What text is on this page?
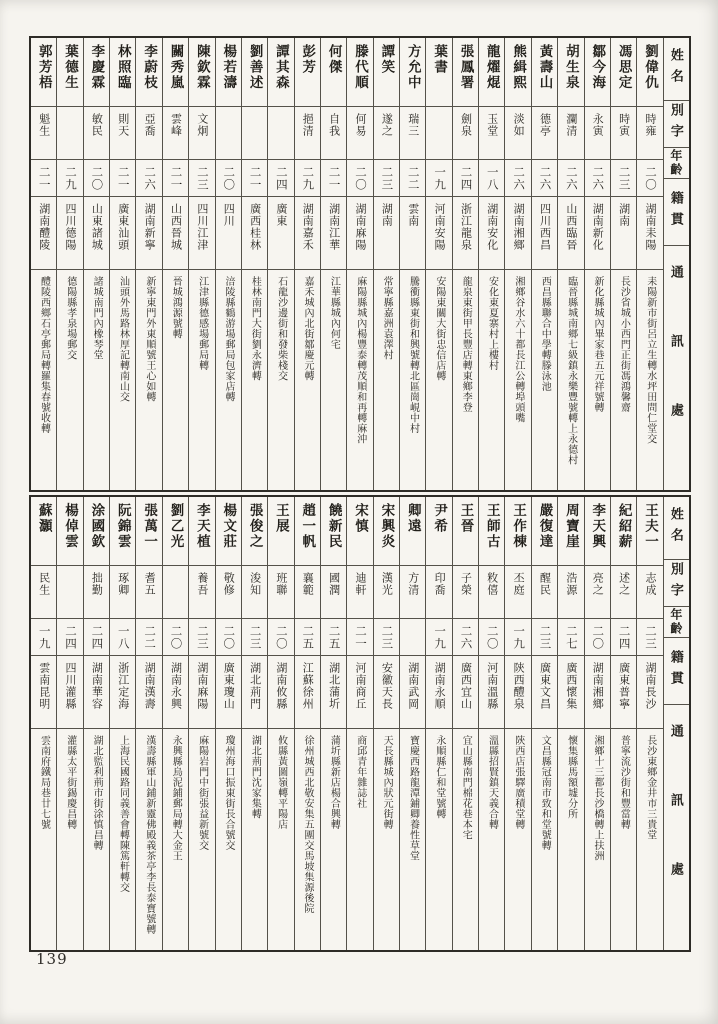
姓名
別字
年齡
籍貫
通訊處
劉偉仇
時雍
二〇
湖南耒陽
耒陽新市街呂立生轉水坪田問仁堂交
馮思定
時寅
二三
湖南
長沙省城小西門正街馮鴻馨齋
鄒今海
永寅
二六
湖南新化
新化縣城內畢家巷五元祥號轉
胡生泉
瀾清
二六
山西臨晉
臨晉縣城南鄉七級鎮永樂豐號轉上永德村
黃壽山
德亭
二六
四川西昌
西昌縣聯合中學轉滕泳池
熊緝熙
淡如
二六
湖南湘鄉
湘鄉谷水六十都長江公轉埠頭嘴
龍燿焜
玉堂
一八
湖南安化
安化東夏寨村上樓村
張鳳署
劍泉
二四
浙江龍泉
龍泉東街甲長豐店轉東鄉李登
葉書
一九
河南安陽
安陽東關大街忠信店轉
方允中
瑞三
二二
雲南
騰衝縣東街和興號轉北區崗峴中村
譚笑
遂之
二三
湖南
常寧縣嘉洲袁澤村
滕代順
何易
二〇
湖南麻陽
麻陽縣城內楊豐泰轉茂順和再轉麻沖
何傑
自我
二一
湖南江華
江華縣城內何宅
彭芳
挹清
二九
湖南嘉禾
嘉禾城內北街鄒慶元轉
譚其森
二四
廣東
石龍沙邊街和發柴棧交
劉善述
二一
廣西桂林
桂林南門大街劉永濟轉
楊若濤
二〇
四川
涪陵縣鶴游場郵局包家店轉
陳欽霖
文炯
二三
四川江津
江津縣德感場郵局轉
關秀嵐
雲峰
二一
山西晉城
晉城鴻源號轉
李蔚枝
亞喬
二六
湖南新寧
新寧東門外東順號王心如轉
林照臨
則天
二一
廣東汕頭
汕頭外馬路林厚記轉南山交
李慶霖
敏民
二〇
山東諸城
諸城南門內橡琴堂
葉德生
二九
四川德陽
德陽縣孝泉場郵交
郭芳梧
魁生
二一
湖南醴陵
醴陵西鄉石亭郵局轉羅集春號收轉
姓名
別字
年齡
籍貫
通訊處
王夫一
志成
二三
湖南長沙
長沙東鄉金井市三貴堂
紀紹薪
述之
二四
廣東普寧
普寧流沙街和豐當轉
李天興
亮之
二〇
湖南湘鄉
湘鄉十三都長沙橋轉上扶洲
周寶崖
浩源
二七
廣西懷集
懷集縣馬額墟分所
嚴復達
醒民
二三
廣東文昌
文昌縣冠南市致和堂號轉
王作棟
丕庭
一九
陝西醴泉
陝西店張驛廣積堂轉
王師古
敉僖
二〇
河南溫縣
溫縣招賢鎮天義合轉
王晉
子榮
二六
廣西宜山
宜山縣南門棉花巷本宅
尹希
印喬
一九
湖南永順
永順縣仁和堂號轉
卿遠
方清
湖南武岡
寶慶西路龍潭鋪卿養性草堂
宋興炎
漢光
二三
安徽天長
天長縣城內狀元街轉
宋慎
迪軒
二一
河南商丘
商邱青年雜誌社
饒新民
國潤
二五
湖北蒲圻
蒲圻縣新店楊合興轉
趙一帆
襄範
二五
江蘇徐州
徐州城西北敬安集五團交馬坡集源後院
王展
班聯
二〇
湖南攸縣
攸縣黃圖嶺轉平陽店
張俊之
浚知
二三
湖北荊門
湖北荊門沈家集轉
楊文莊
敬修
二〇
廣東瓊山
瓊州海口振東街長合號交
李天植
養吾
二三
湖南麻陽
麻陽岩門中街張益新號交
劉乙光
二〇
湖南永興
永興縣烏泥鋪郵局轉大金王
張萬一
耆五
二二
湖南漢壽
漢壽縣軍山鋪新靈佛殿義茶亭李長泰寶號轉
阮錦雲
琢卿
一八
浙江定海
上海民國路同義善會轉陳篤軒轉交
涂國欽
拙勤
二四
湖南華容
湖北監利荊市街涂慎昌轉
楊倬雲
二四
四川灌縣
灌縣太平街錫慶昌轉
蘇灝
民生
一九
雲南昆明
雲南府鐵局巷廿七號
139
